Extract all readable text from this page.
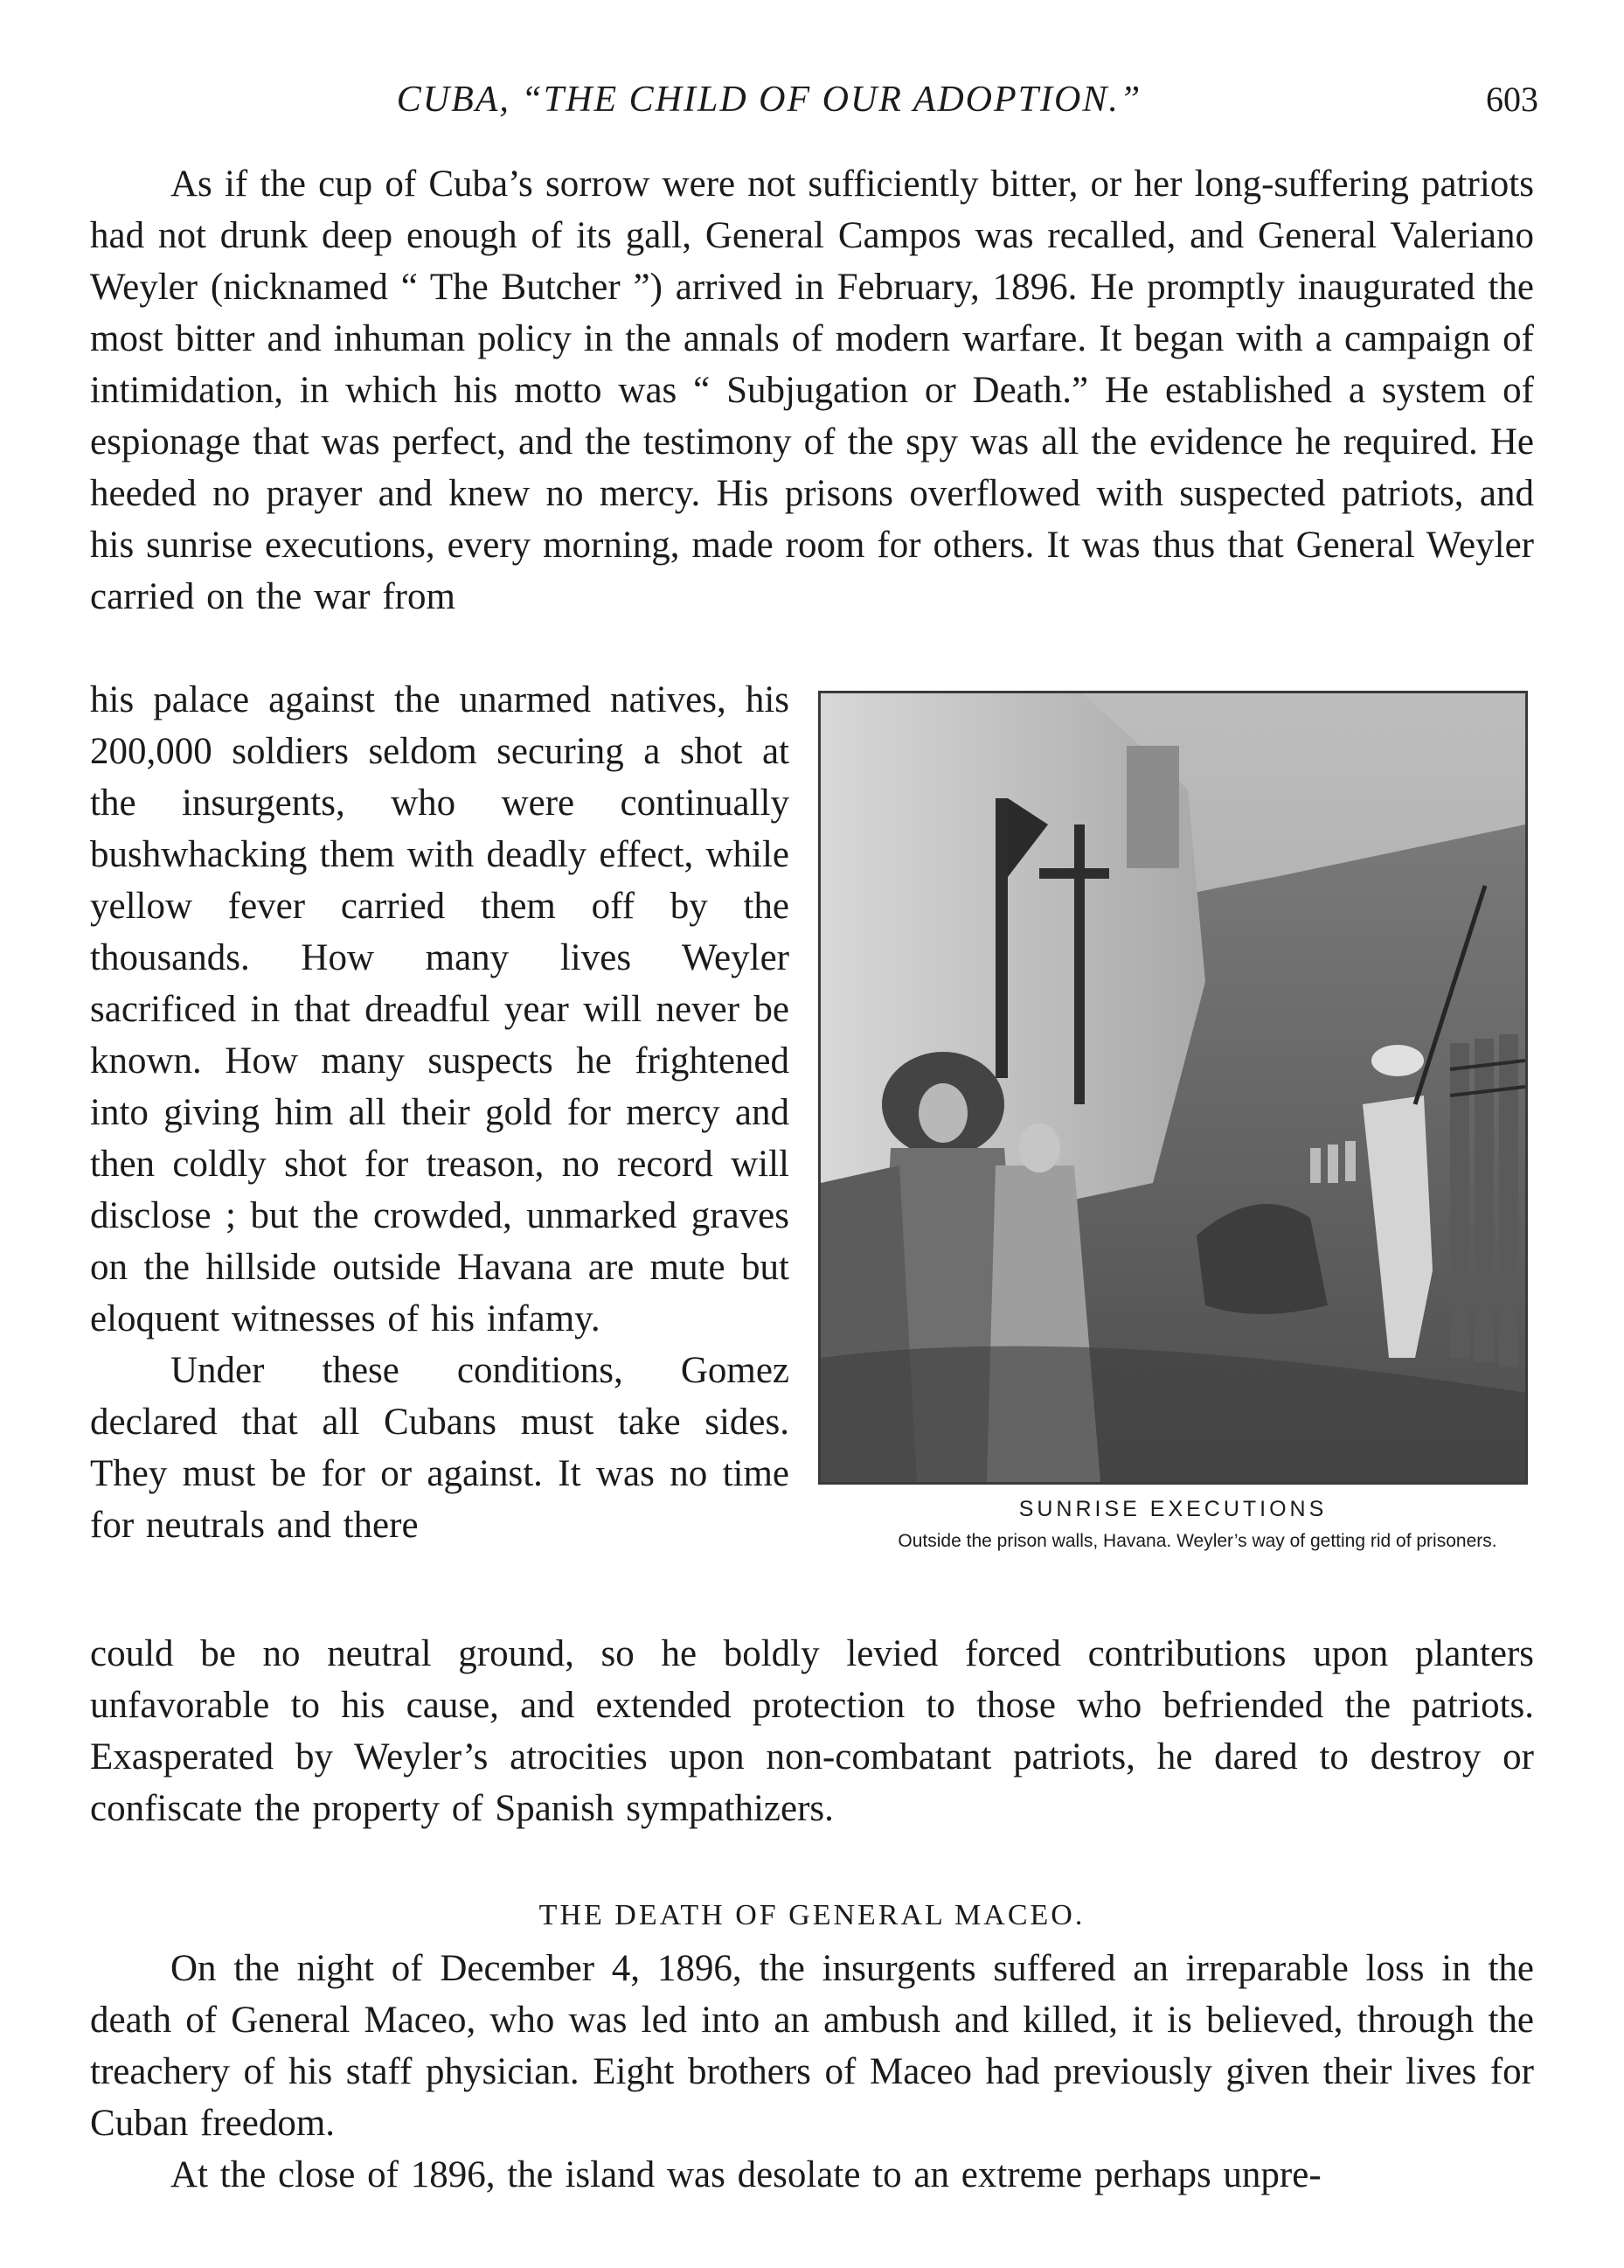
CUBA, “THE CHILD OF OUR ADOPTION.”	603

As if the cup of Cuba’s sorrow were not sufficiently bitter, or her long-suffering patriots had not drunk deep enough of its gall, General Campos was recalled, and General Valeriano Weyler (nicknamed “ The Butcher ”) arrived in February, 1896. He promptly inaugurated the most bitter and inhuman policy in the annals of modern warfare. It began with a campaign of intimidation, in which his motto was “ Subjugation or Death.” He established a system of espionage that was perfect, and the testimony of the spy was all the evidence he required. He heeded no prayer and knew no mercy. His prisons overflowed with suspected patriots, and his sunrise executions, every morning, made room for others. It was thus that General Weyler carried on the war from

his palace against the unarmed natives, his 200,000 soldiers seldom securing a shot at the insurgents, who were continually bushwhacking them with deadly effect, while yellow fever carried them off by the thousands. How many lives Weyler sacrificed in that dreadful year will never be known. How many suspects he frightened into giving him all their gold for mercy and then coldly shot for treason, no record will disclose ; but the crowded, unmarked graves on the hillside outside Havana are mute but eloquent witnesses of his infamy.

Under these conditions, Gomez declared that all Cubans must take sides. They must be for or against. It was no time for neutrals and there	SUNRISE EXECUTIONS
Outside the prison walls, Havana. Weyler’s way of getting rid of prisoners.

could be no neutral ground, so he boldly levied forced contributions upon planters unfavorable to his cause, and extended protection to those who befriended the patriots. Exasperated by Weyler’s atrocities upon non-combatant patriots, he dared to destroy or confiscate the property of Spanish sympathizers.

THE DEATH OF GENERAL MACEO.

On the night of December 4, 1896, the insurgents suffered an irreparable loss in the death of General Maceo, who was led into an ambush and killed, it is believed, through the treachery of his staff physician. Eight brothers of Maceo had previously given their lives for Cuban freedom.

At the close of 1896, the island was desolate to an extreme perhaps unpre-
